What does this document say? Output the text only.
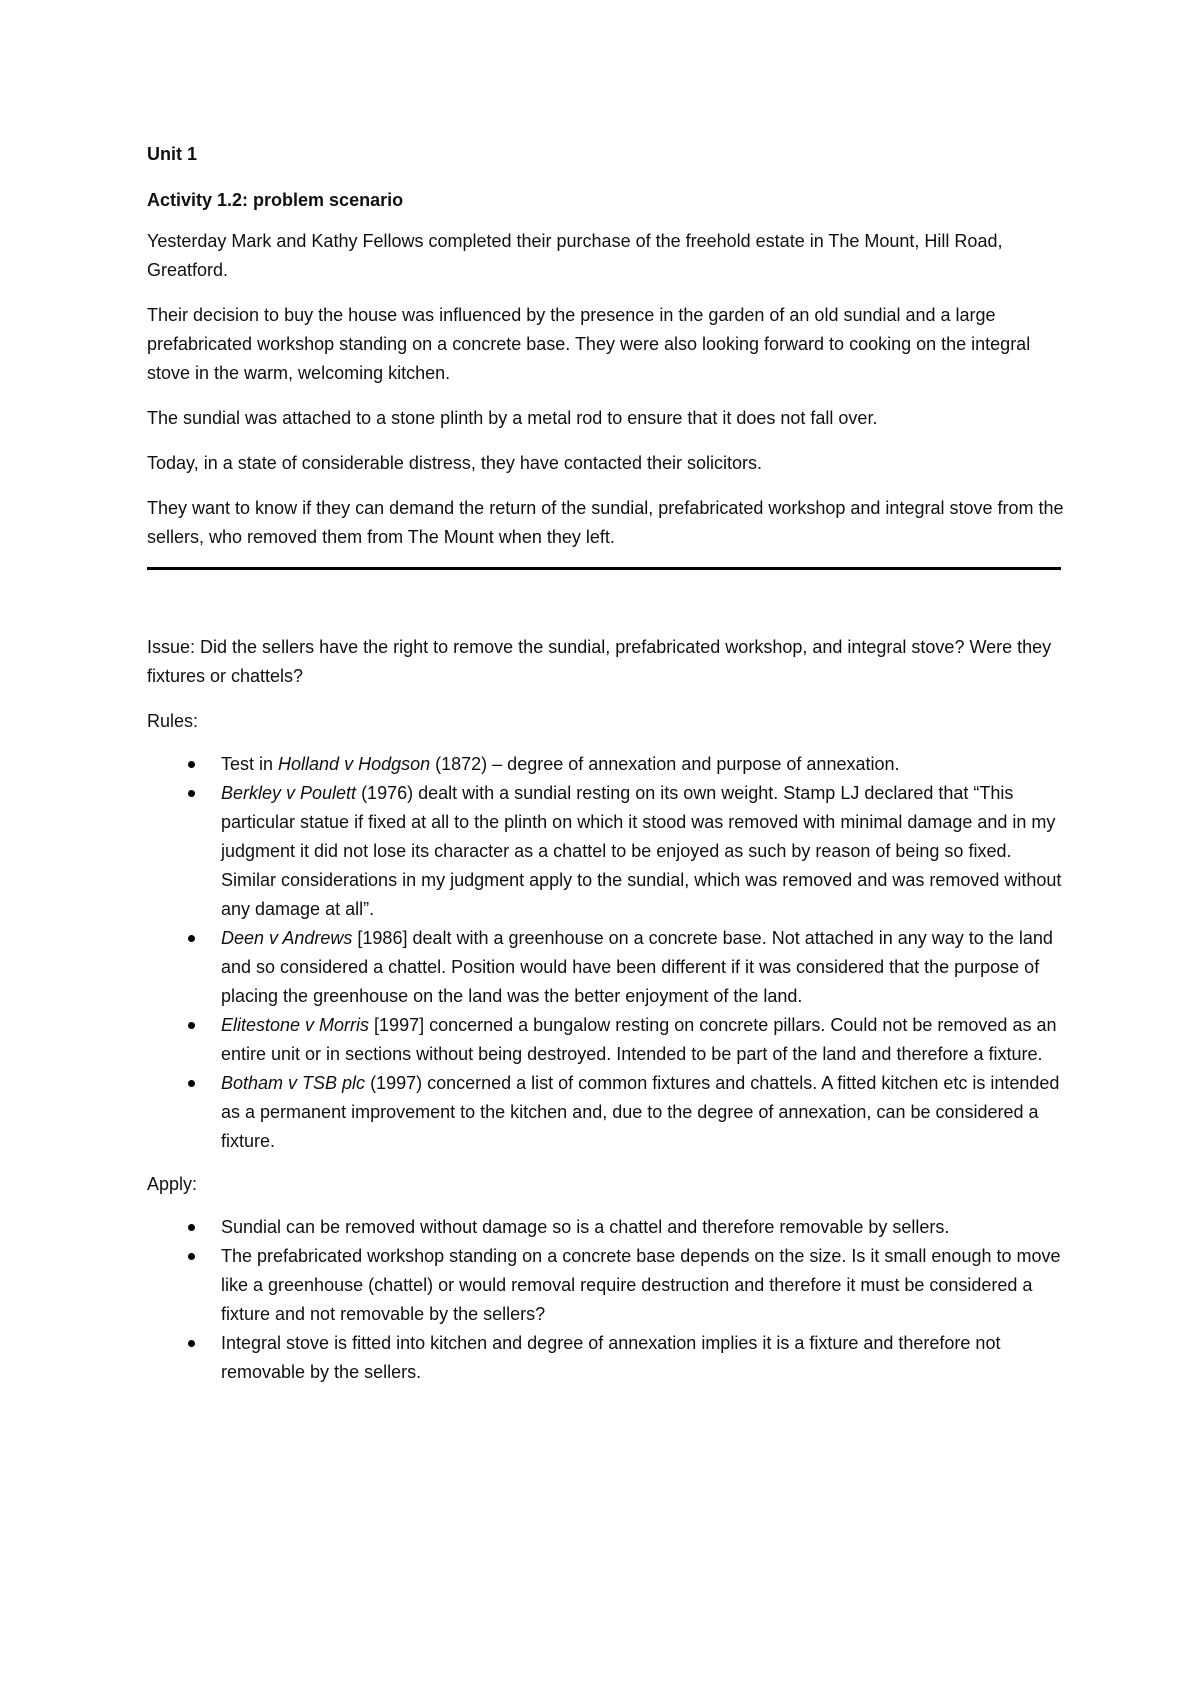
Unit 1
Activity 1.2: problem scenario

Yesterday Mark and Kathy Fellows completed their purchase of the freehold estate in The Mount, Hill Road, Greatford.

Their decision to buy the house was influenced by the presence in the garden of an old sundial and a large prefabricated workshop standing on a concrete base. They were also looking forward to cooking on the integral stove in the warm, welcoming kitchen.

The sundial was attached to a stone plinth by a metal rod to ensure that it does not fall over.

Today, in a state of considerable distress, they have contacted their solicitors.

They want to know if they can demand the return of the sundial, prefabricated workshop and integral stove from the sellers, who removed them from The Mount when they left.

Issue: Did the sellers have the right to remove the sundial, prefabricated workshop, and integral stove? Were they fixtures or chattels?

Rules:
Test in Holland v Hodgson (1872) – degree of annexation and purpose of annexation.
Berkley v Poulett (1976) dealt with a sundial resting on its own weight. Stamp LJ declared that “This particular statue if fixed at all to the plinth on which it stood was removed with minimal damage and in my judgment it did not lose its character as a chattel to be enjoyed as such by reason of being so fixed. Similar considerations in my judgment apply to the sundial, which was removed and was removed without any damage at all”.
Deen v Andrews [1986] dealt with a greenhouse on a concrete base. Not attached in any way to the land and so considered a chattel. Position would have been different if it was considered that the purpose of placing the greenhouse on the land was the better enjoyment of the land.
Elitestone v Morris [1997] concerned a bungalow resting on concrete pillars. Could not be removed as an entire unit or in sections without being destroyed. Intended to be part of the land and therefore a fixture.
Botham v TSB plc (1997) concerned a list of common fixtures and chattels. A fitted kitchen etc is intended as a permanent improvement to the kitchen and, due to the degree of annexation, can be considered a fixture.
Apply:
Sundial can be removed without damage so is a chattel and therefore removable by sellers.
The prefabricated workshop standing on a concrete base depends on the size. Is it small enough to move like a greenhouse (chattel) or would removal require destruction and therefore it must be considered a fixture and not removable by the sellers?
Integral stove is fitted into kitchen and degree of annexation implies it is a fixture and therefore not removable by the sellers.
